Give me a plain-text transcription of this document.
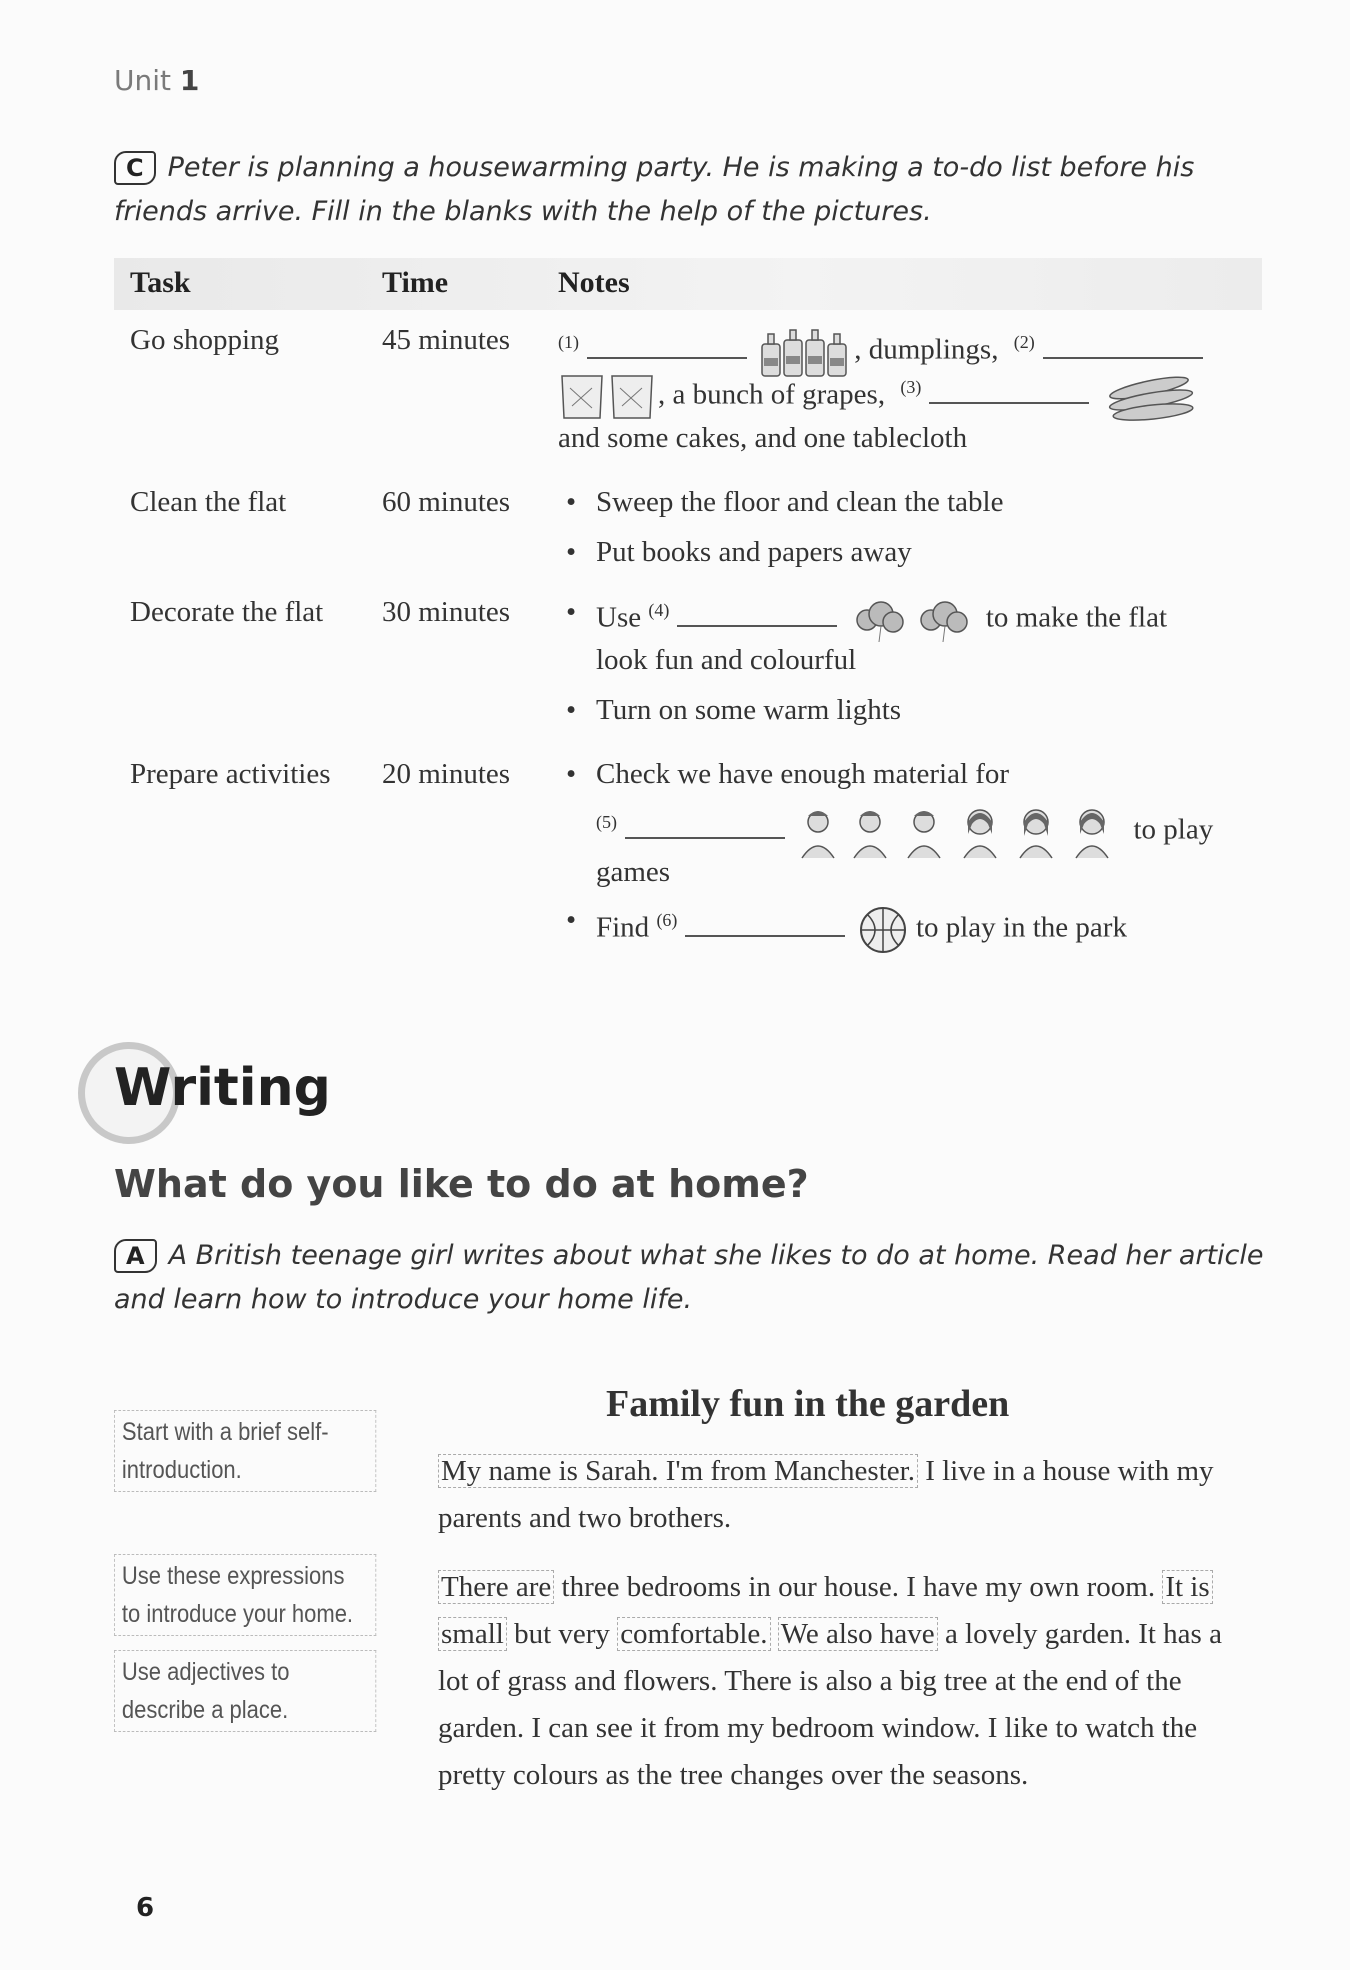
Unit 1
C Peter is planning a housewarming party. He is making a to-do list before his friends arrive. Fill in the blanks with the help of the pictures.
Task	Time	Notes
Go shopping	45 minutes	$^{(1)}$	, dumplings, $^{(2)}$
, a bunch of grapes, $^{(3)}$
and some cakes, and one tablecloth
Clean the flat	60 minutes • Sweep the floor and clean the table
• Put books and papers away
Decorate the flat 30 minutes • Use $^{(4)}$	to make the flat
look fun and colourful
• Turn on some warm lights
Prepare activities 20 minutes • Check we have enough material for
$^{(5)}$	to play
games
• Find $^{(6)}$	to play in the park
Writing
What do you like to do at home?
A A British teenage girl writes about what she likes to do at home. Read her article and learn how to introduce your home life.
Start with a brief self-introduction.
Use these expressions to introduce your home.
Use adjectives to describe a place.
Family fun in the garden
My name is Sarah. I'm from Manchester. I live in a house with my parents and two brothers.
There are three bedrooms in our house. I have my own room. It is small but very comfortable. We also have a lovely garden. It has a lot of grass and flowers. There is also a big tree at the end of the garden. I can see it from my bedroom window. I like to watch the pretty colours as the tree changes over the seasons.
6
